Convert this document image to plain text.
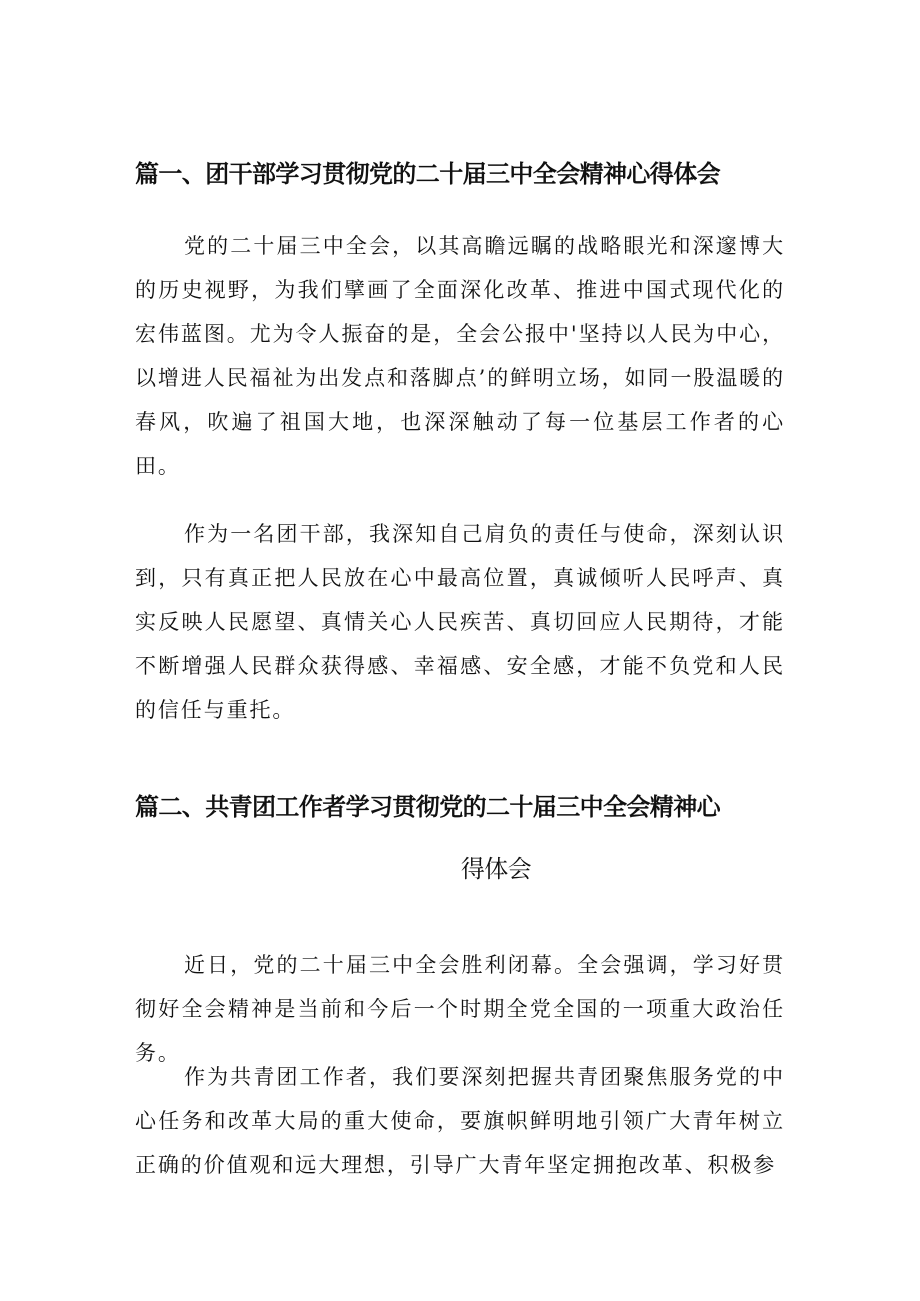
篇一、团干部学习贯彻党的二十届三中全会精神心得体会

党的二十届三中全会，以其高瞻远瞩的战略眼光和深邃博大的历史视野，为我们擘画了全面深化改革、推进中国式现代化的宏伟蓝图。尤为令人振奋的是，全会公报中'坚持以人民为中心，以增进人民福祉为出发点和落脚点’的鲜明立场，如同一股温暖的春风，吹遍了祖国大地，也深深触动了每一位基层工作者的心田。

作为一名团干部，我深知自己肩负的责任与使命，深刻认识到，只有真正把人民放在心中最高位置，真诚倾听人民呼声、真实反映人民愿望、真情关心人民疾苦、真切回应人民期待，才能不断增强人民群众获得感、幸福感、安全感，才能不负党和人民的信任与重托。

篇二、共青团工作者学习贯彻党的二十届三中全会精神心
得体会

近日，党的二十届三中全会胜利闭幕。全会强调，学习好贯彻好全会精神是当前和今后一个时期全党全国的一项重大政治任务。

作为共青团工作者，我们要深刻把握共青团聚焦服务党的中心任务和改革大局的重大使命，要旗帜鲜明地引领广大青年树立正确的价值观和远大理想，引导广大青年坚定拥抱改革、积极参
